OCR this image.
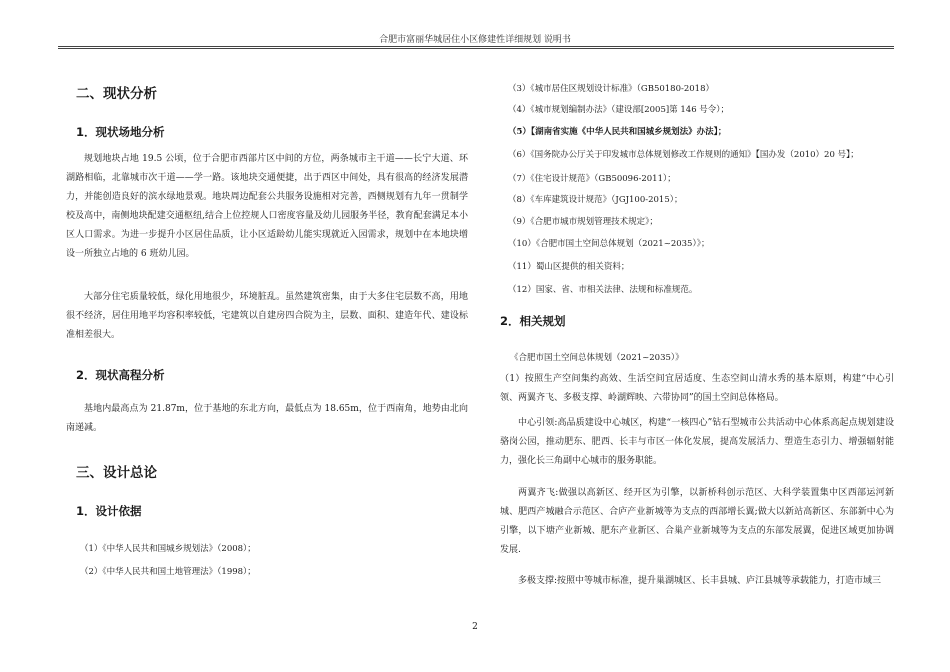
合肥市富丽华城居住小区修建性详细规划 说明书
二、现状分析
1．现状场地分析
规划地块占地 19.5 公顷，位于合肥市西部片区中间的方位，两条城市主干道——长宁大道、环湖路相临，北靠城市次干道——学一路。该地块交通便捷，出于西区中间处，具有很高的经济发展潜力，并能创造良好的滨水绿地景观。地块周边配套公共服务设施相对完善，西侧规划有九年一贯制学校及高中，南侧地块配建交通枢纽,结合上位控规人口密度容量及幼儿园服务半径，教育配套满足本小区人口需求。为进一步提升小区居住品质，让小区适龄幼儿能实现就近入园需求，规划中在本地块增设一所独立占地的 6 班幼儿园。
大部分住宅质量较低，绿化用地很少，环境脏乱。虽然建筑密集，由于大多住宅层数不高，用地很不经济，居住用地平均容积率较低，宅建筑以自建房四合院为主，层数、面积、建造年代、建设标准相差很大。
2．现状高程分析
基地内最高点为 21.87m，位于基地的东北方向，最低点为 18.65m，位于西南角，地势由北向南递减。
三、设计总论
1．设计依据
（1）《中华人民共和国城乡规划法》（2008）；
（2）《中华人民共和国土地管理法》（1998）；
（3）《城市居住区规划设计标准》（GB50180-2018）
（4）《城市规划编制办法》（建设部[2005]第 146 号令）；
（5）【湖南省实施《中华人民共和国城乡规划法》办法】；
（6）《国务院办公厅关于印发城市总体规划修改工作规则的通知》【国办发（2010）20 号】；
（7）《住宅设计规范》（GB50096-2011）；
（8）《车库建筑设计规范》（JGJ100-2015）；
（9）《合肥市城市规划管理技术规定》；
（10）《合肥市国土空间总体规划（2021~2035）》；
（11）蜀山区提供的相关资料；
（12）国家、省、市相关法律、法规和标准规范。
2．相关规划
《合肥市国土空间总体规划（2021~2035）》
（1）按照生产空间集约高效、生活空间宜居适度、生态空间山清水秀的基本原则，构建“中心引领、两翼齐飞、多极支撑、岭湖辉映、六带协同”的国土空间总体格局。
中心引领:高品质建设中心城区，构建“一核四心”钻石型城市公共活动中心体系高起点规划建设骆岗公园，推动肥东、肥西、长丰与市区一体化发展，提高发展活力、塑造生态引力、增强辐射能力，强化长三角副中心城市的服务职能。
两翼齐飞:做强以高新区、经开区为引擎，以新桥科创示范区、大科学装置集中区西部运河新城、肥西产城融合示范区、合庐产业新城等为支点的西部增长翼;做大以新站高新区、东部新中心为引擎，以下塘产业新城、肥东产业新区、合巢产业新城等为支点的东部发展翼，促进区域更加协调发展.
多极支撑:按照中等城市标准，提升巢湖城区、长丰县城、庐江县城等承载能力，打造市域三
2
